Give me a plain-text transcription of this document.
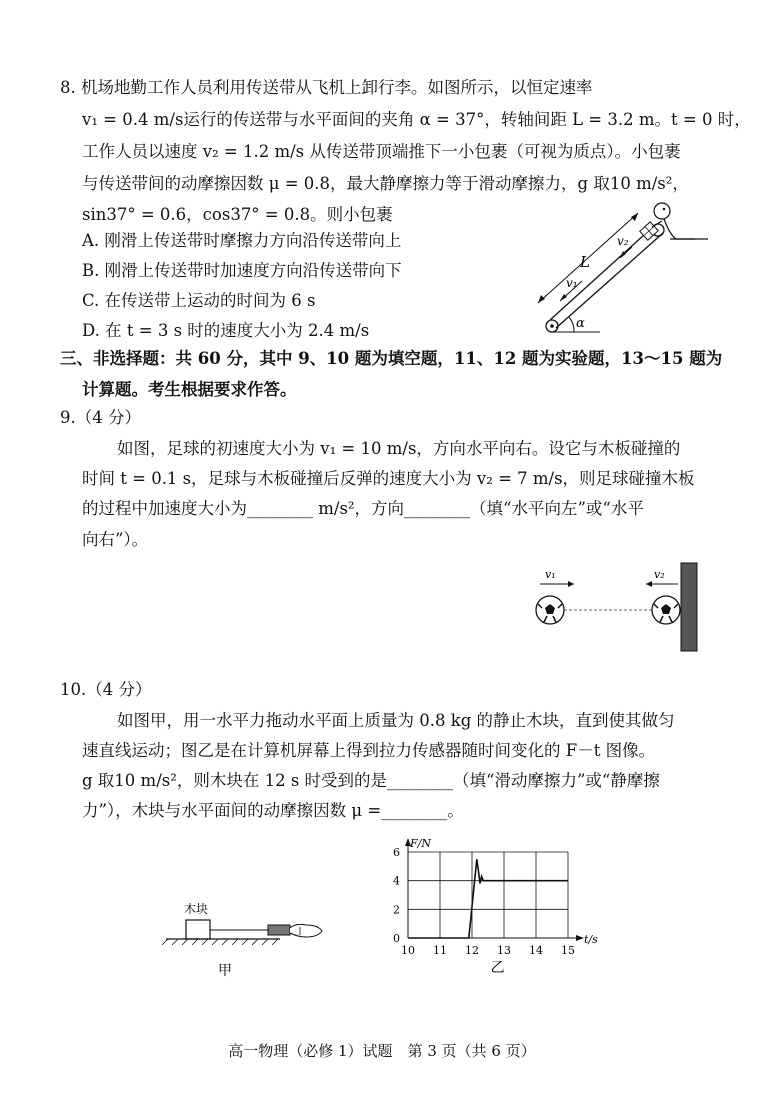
8. 机场地勤工作人员利用传送带从飞机上卸行李。如图所示，以恒定速率
v₁ = 0.4 m/s运行的传送带与水平面间的夹角 α = 37°，转轴间距 L = 3.2 m。t = 0 时，
工作人员以速度 v₂ = 1.2 m/s 从传送带顶端推下一小包裹（可视为质点）。小包裹
与传送带间的动摩擦因数 μ = 0.8，最大静摩擦力等于滑动摩擦力，g 取10 m/s²，
sin37° = 0.6，cos37° = 0.8。则小包裹
A. 刚滑上传送带时摩擦力方向沿传送带向上
B. 刚滑上传送带时加速度方向沿传送带向下
C. 在传送带上运动的时间为 6 s
D. 在 t = 3 s 时的速度大小为 2.4 m/s	α
L
v₁
v₂
三、非选择题：共 60 分，其中 9、10 题为填空题，11、12 题为实验题，13～15 题为
计算题。考生根据要求作答。
9.（4 分）
如图，足球的初速度大小为 v₁ = 10 m/s，方向水平向右。设它与木板碰撞的
时间 t = 0.1 s，足球与木板碰撞后反弹的速度大小为 v₂ = 7 m/s，则足球碰撞木板
的过程中加速度大小为________ m/s²，方向________（填“水平向左”或“水平
向右”）。
v₁	v₂
10.（4 分）
如图甲，用一水平力拖动水平面上质量为 0.8 kg 的静止木块，直到使其做匀
速直线运动；图乙是在计算机屏幕上得到拉力传感器随时间变化的 F－t 图像。
g 取10 m/s²，则木块在 12 s 时受到的是________（填“滑动摩擦力”或“静摩擦
力”），木块与水平面间的动摩擦因数 μ =________。
木块
甲
10 11 12 13 14 15
0
2
4
6
F/N
t/s
乙
高一物理（必修 1）试题　第 3 页（共 6 页）
